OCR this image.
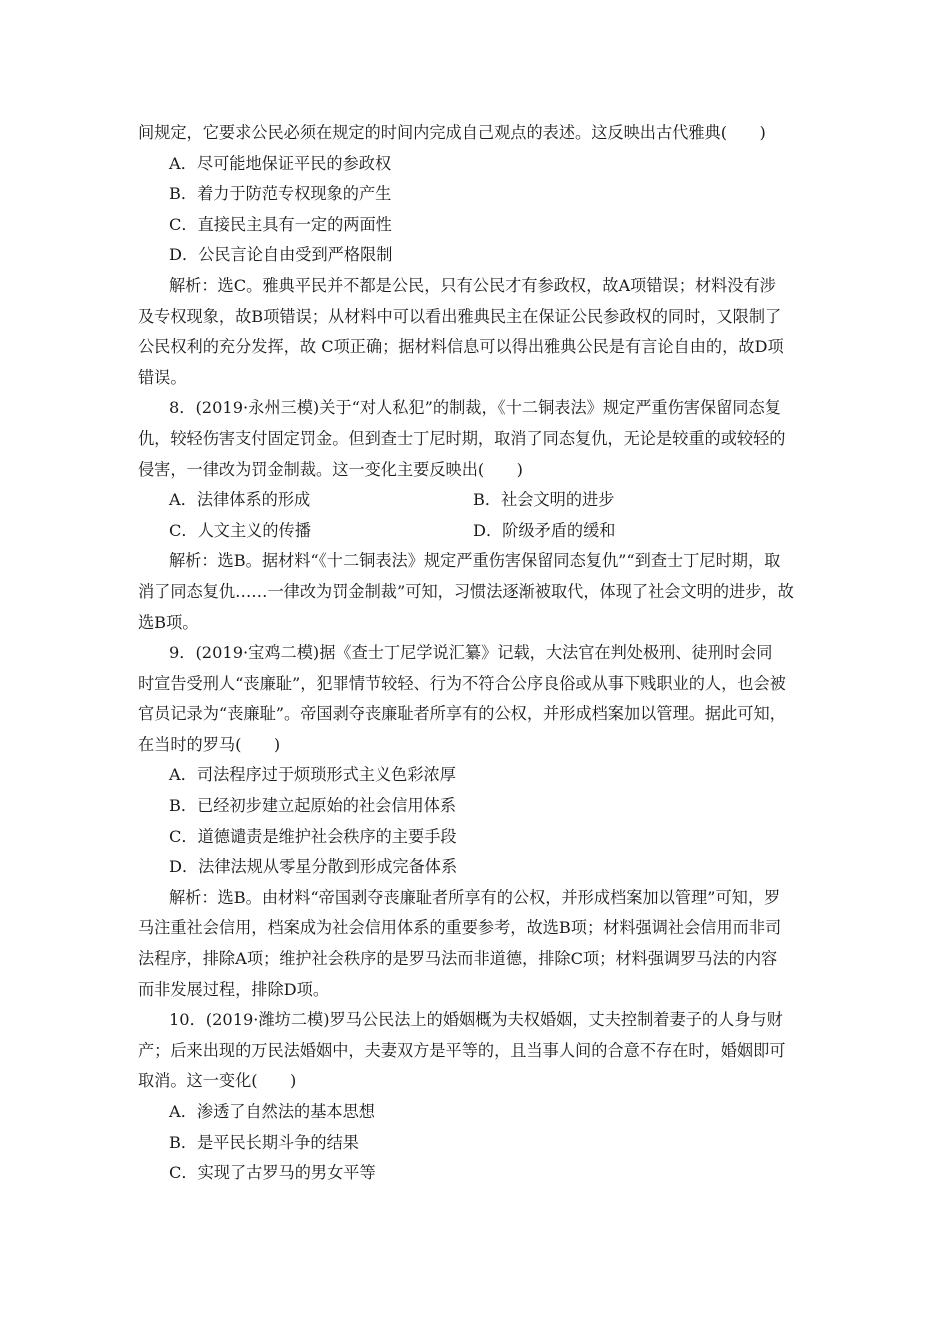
间规定，它要求公民必须在规定的时间内完成自己观点的表述。这反映出古代雅典(　　)
A．尽可能地保证平民的参政权
B．着力于防范专权现象的产生
C．直接民主具有一定的两面性
D．公民言论自由受到严格限制
解析：选C。雅典平民并不都是公民，只有公民才有参政权，故A项错误；材料没有涉
及专权现象，故B项错误；从材料中可以看出雅典民主在保证公民参政权的同时，又限制了
公民权利的充分发挥，故 C项正确；据材料信息可以得出雅典公民是有言论自由的，故D项
错误。
8．(2019·永州三模)关于“对人私犯”的制裁，《十二铜表法》规定严重伤害保留同态复
仇，较轻伤害支付固定罚金。但到查士丁尼时期，取消了同态复仇，无论是较重的或较轻的
侵害，一律改为罚金制裁。这一变化主要反映出(　　)
A．法律体系的形成	B．社会文明的进步
C．人文主义的传播	D．阶级矛盾的缓和
解析：选B。据材料“《十二铜表法》规定严重伤害保留同态复仇”“到查士丁尼时期，取
消了同态复仇……一律改为罚金制裁”可知，习惯法逐渐被取代，体现了社会文明的进步，故
选B项。
9．(2019·宝鸡二模)据《查士丁尼学说汇纂》记载，大法官在判处极刑、徒刑时会同
时宣告受刑人“丧廉耻”，犯罪情节较轻、行为不符合公序良俗或从事下贱职业的人，也会被
官员记录为“丧廉耻”。帝国剥夺丧廉耻者所享有的公权，并形成档案加以管理。据此可知，
在当时的罗马(　　)
A．司法程序过于烦琐形式主义色彩浓厚
B．已经初步建立起原始的社会信用体系
C．道德谴责是维护社会秩序的主要手段
D．法律法规从零星分散到形成完备体系
解析：选B。由材料“帝国剥夺丧廉耻者所享有的公权，并形成档案加以管理”可知，罗
马注重社会信用，档案成为社会信用体系的重要参考，故选B项；材料强调社会信用而非司
法程序，排除A项；维护社会秩序的是罗马法而非道德，排除C项；材料强调罗马法的内容
而非发展过程，排除D项。
10．(2019·潍坊二模)罗马公民法上的婚姻概为夫权婚姻，丈夫控制着妻子的人身与财
产；后来出现的万民法婚姻中，夫妻双方是平等的，且当事人间的合意不存在时，婚姻即可
取消。这一变化(　　)
A．渗透了自然法的基本思想
B．是平民长期斗争的结果
C．实现了古罗马的男女平等
